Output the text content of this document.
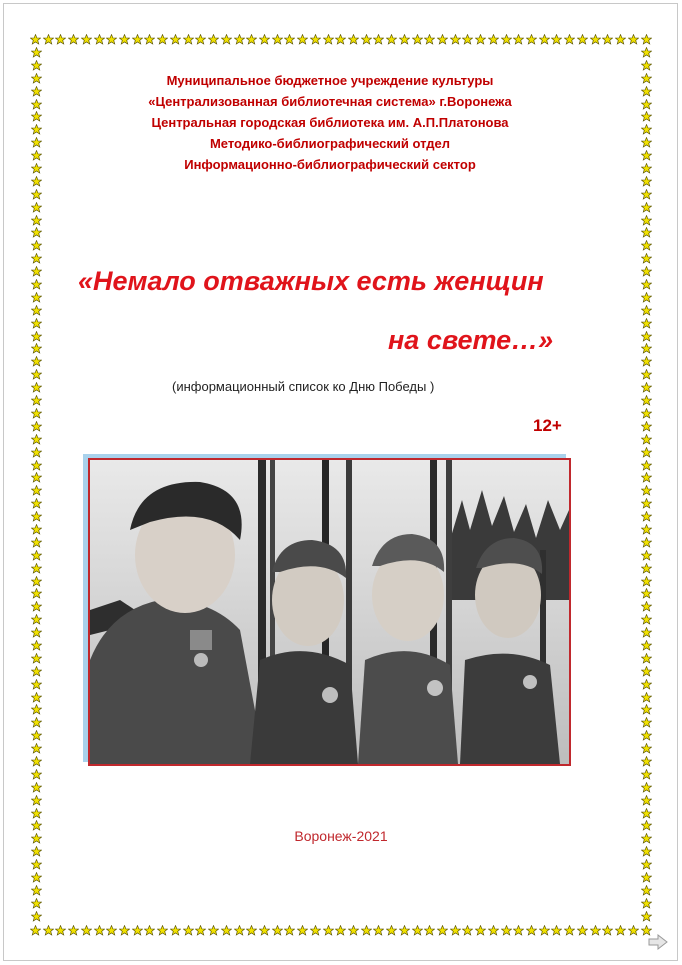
Муниципальное бюджетное учреждение культуры
«Централизованная библиотечная система» г.Воронежа
Центральная городская библиотека им. А.П.Платонова
Методико-библиографический отдел
Информационно-библиографический сектор
«Немало отважных есть женщин
на свете…»
(информационный список ко Дню Победы )
12+
Воронеж-2021
